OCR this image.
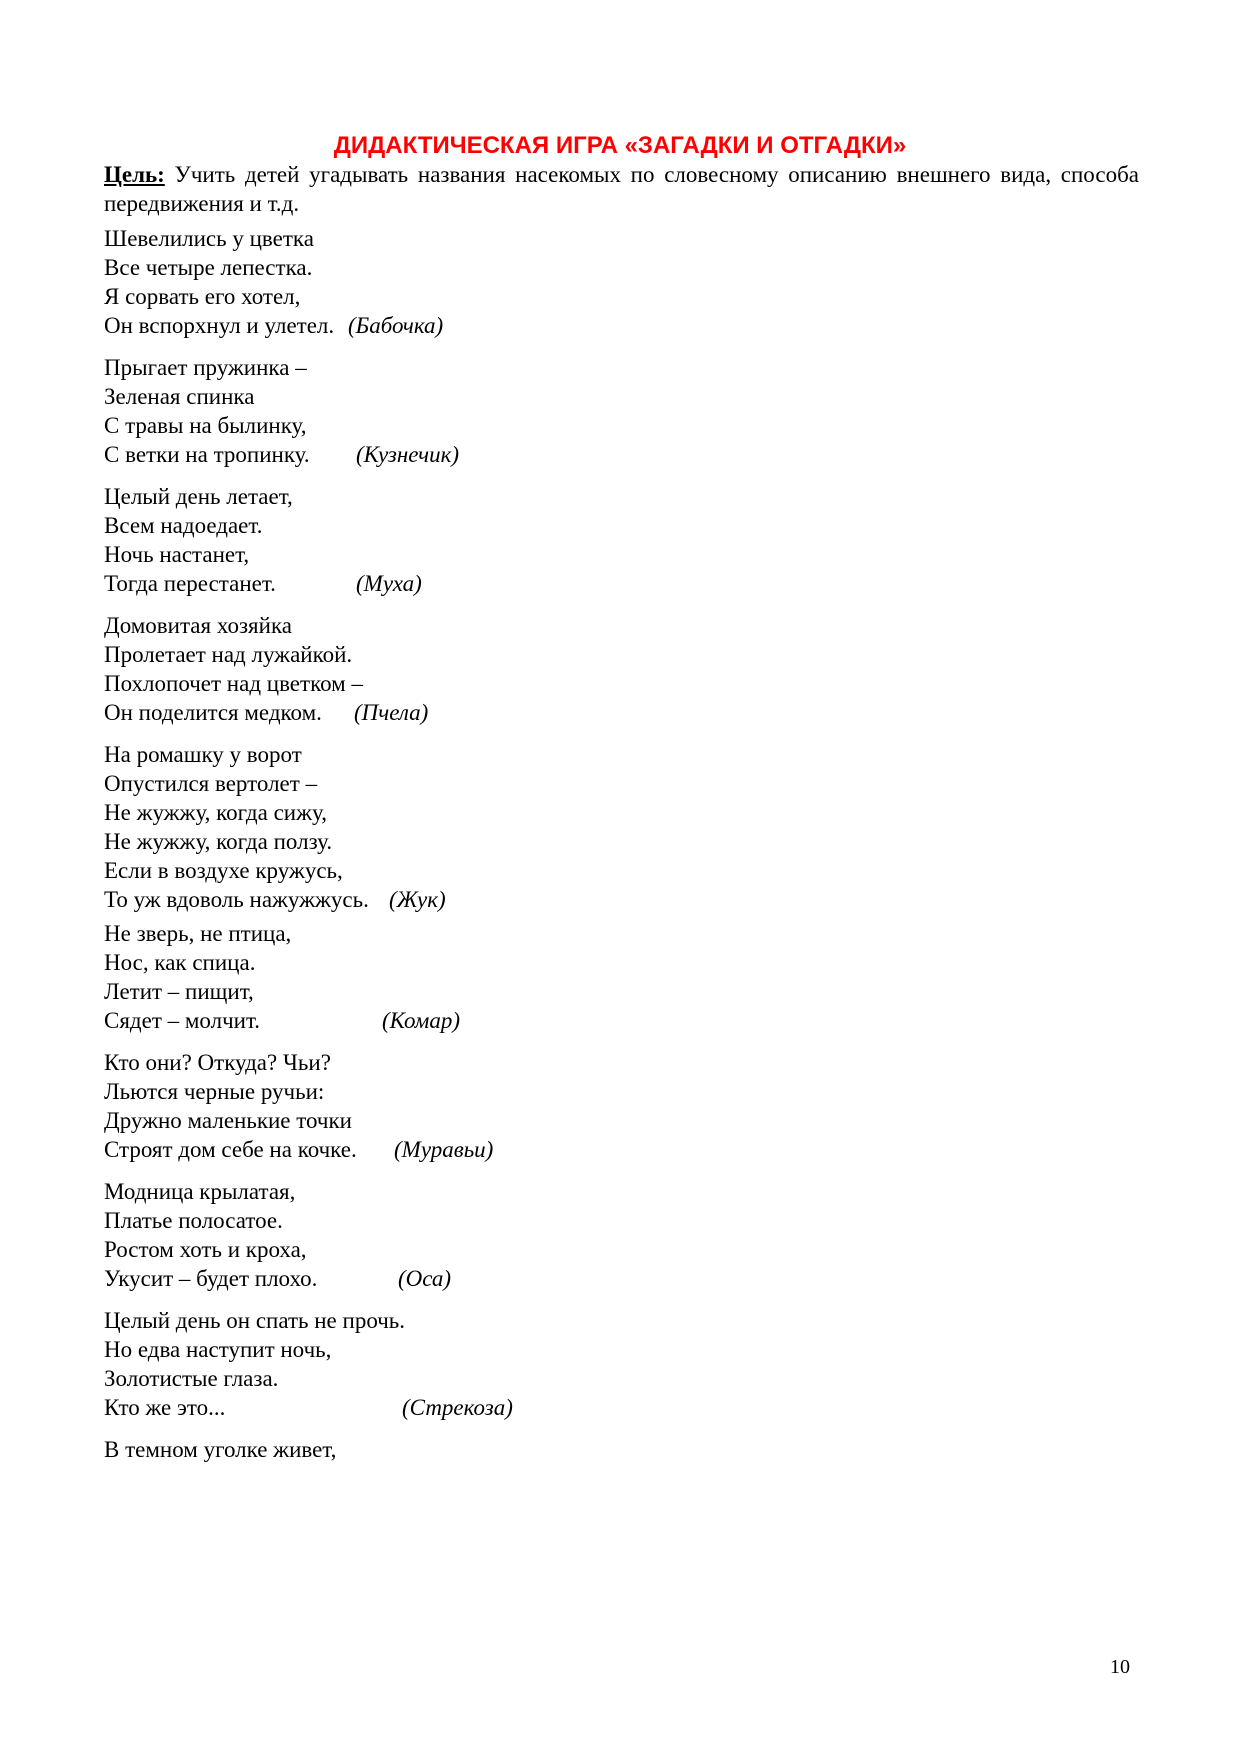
ДИДАКТИЧЕСКАЯ ИГРА «ЗАГАДКИ И ОТГАДКИ»
Цель: Учить детей угадывать названия насекомых по словесному описанию внешнего вида, способа передвижения и т.д.
Шевелились у цветка
Все четыре лепестка.
Я сорвать его хотел,
Он вспорхнул и улетел. (Бабочка)
Прыгает пружинка –
Зеленая спинка
С травы на былинку,
С ветки на тропинку. (Кузнечик)
Целый день летает,
Всем надоедает.
Ночь настанет,
Тогда перестанет.	(Муха)
Домовитая хозяйка
Пролетает над лужайкой.
Похлопочет над цветком –
Он поделится медком. (Пчела)
На ромашку у ворот
Опустился вертолет –
Не жужжу, когда сижу,
Не жужжу, когда ползу.
Если в воздухе кружусь,
То уж вдоволь нажужжусь. (Жук)
Не зверь, не птица,
Нос, как спица.
Летит – пищит,
Сядет – молчит.	(Комар)
Кто они? Откуда? Чьи?
Льются черные ручьи:
Дружно маленькие точки
Строят дом себе на кочке. (Муравьи)
Модница крылатая,
Платье полосатое.
Ростом хоть и кроха,
Укусит – будет плохо.	(Оса)
Целый день он спать не прочь.
Но едва наступит ночь,
Золотистые глаза.
Кто же это...	(Стрекоза)
В темном уголке живет,
10
